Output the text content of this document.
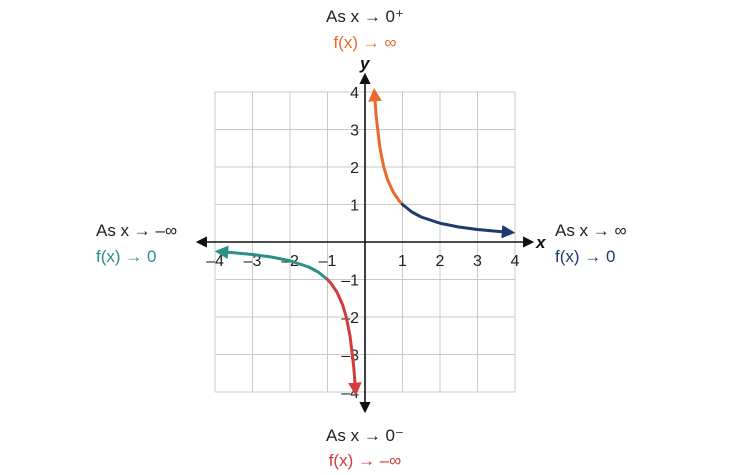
–4 –3 –2 –1	1 2 3 4
–4
–3
–2
–1
1
2
3
4
x
y
As x → 0⁺
f(x) → ∞
As x → 0⁻
f(x) → –∞
As x → –∞
f(x) → 0
As x → ∞
f(x) → 0
